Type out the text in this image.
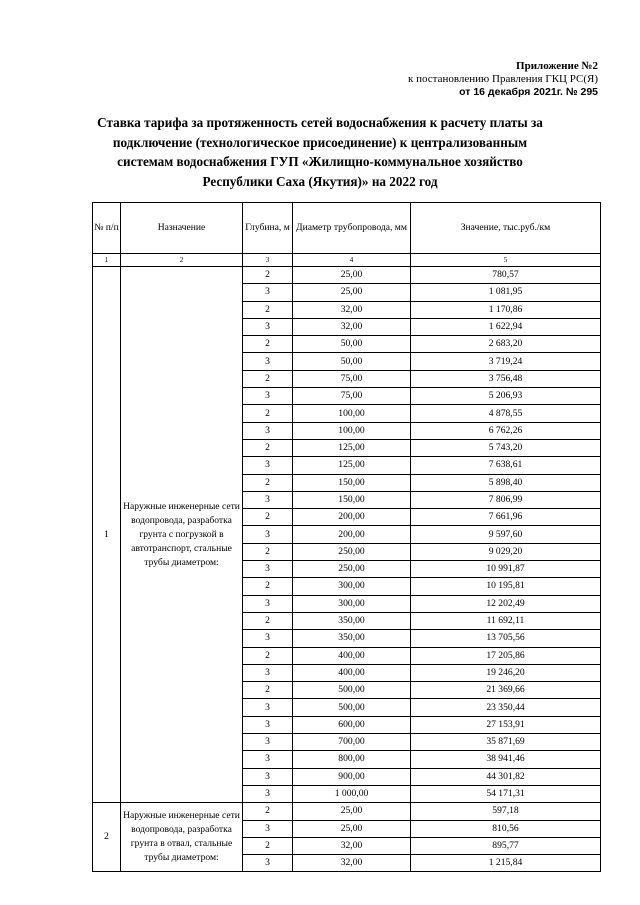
Приложение №2
к постановлению Правления ГКЦ РС(Я)
от 16 декабря 2021г. № 295
Ставка тарифа за протяженность сетей водоснабжения к расчету платы за
подключение (технологическое присоединение) к централизованным
системам водоснабжения ГУП «Жилищно-коммунальное хозяйство
Республики Саха (Якутия)» на 2022 год
№ п/п	Назначение	Глубина, м	Диаметр трубопровода, мм	Значение, тыс.руб./км
1	2	3	4	5
1	Наружные инженерные сети водопровода, разработка грунта с погрузкой в автотранспорт, стальные трубы диаметром:	2	25,00	780,57
		3	25,00	1 081,95
		2	32,00	1 170,86
		3	32,00	1 622,94
		2	50,00	2 683,20
		3	50,00	3 719,24
		2	75,00	3 756,48
		3	75,00	5 206,93
		2	100,00	4 878,55
		3	100,00	6 762,26
		2	125,00	5 743,20
		3	125,00	7 638,61
		2	150,00	5 898,40
		3	150,00	7 806,99
		2	200,00	7 661,96
		3	200,00	9 597,60
		2	250,00	9 029,20
		3	250,00	10 991,87
		2	300,00	10 195,81
		3	300,00	12 202,49
		2	350,00	11 692,11
		3	350,00	13 705,56
		2	400,00	17 205,86
		3	400,00	19 246,20
		2	500,00	21 369,66
		3	500,00	23 350,44
		3	600,00	27 153,91
		3	700,00	35 871,69
		3	800,00	38 941,46
		3	900,00	44 301,82
		3	1 000,00	54 171,31
2	Наружные инженерные сети водопровода, разработка грунта в отвал, стальные трубы диаметром:	2	25,00	597,18
		3	25,00	810,56
		2	32,00	895,77
		3	32,00	1 215,84
